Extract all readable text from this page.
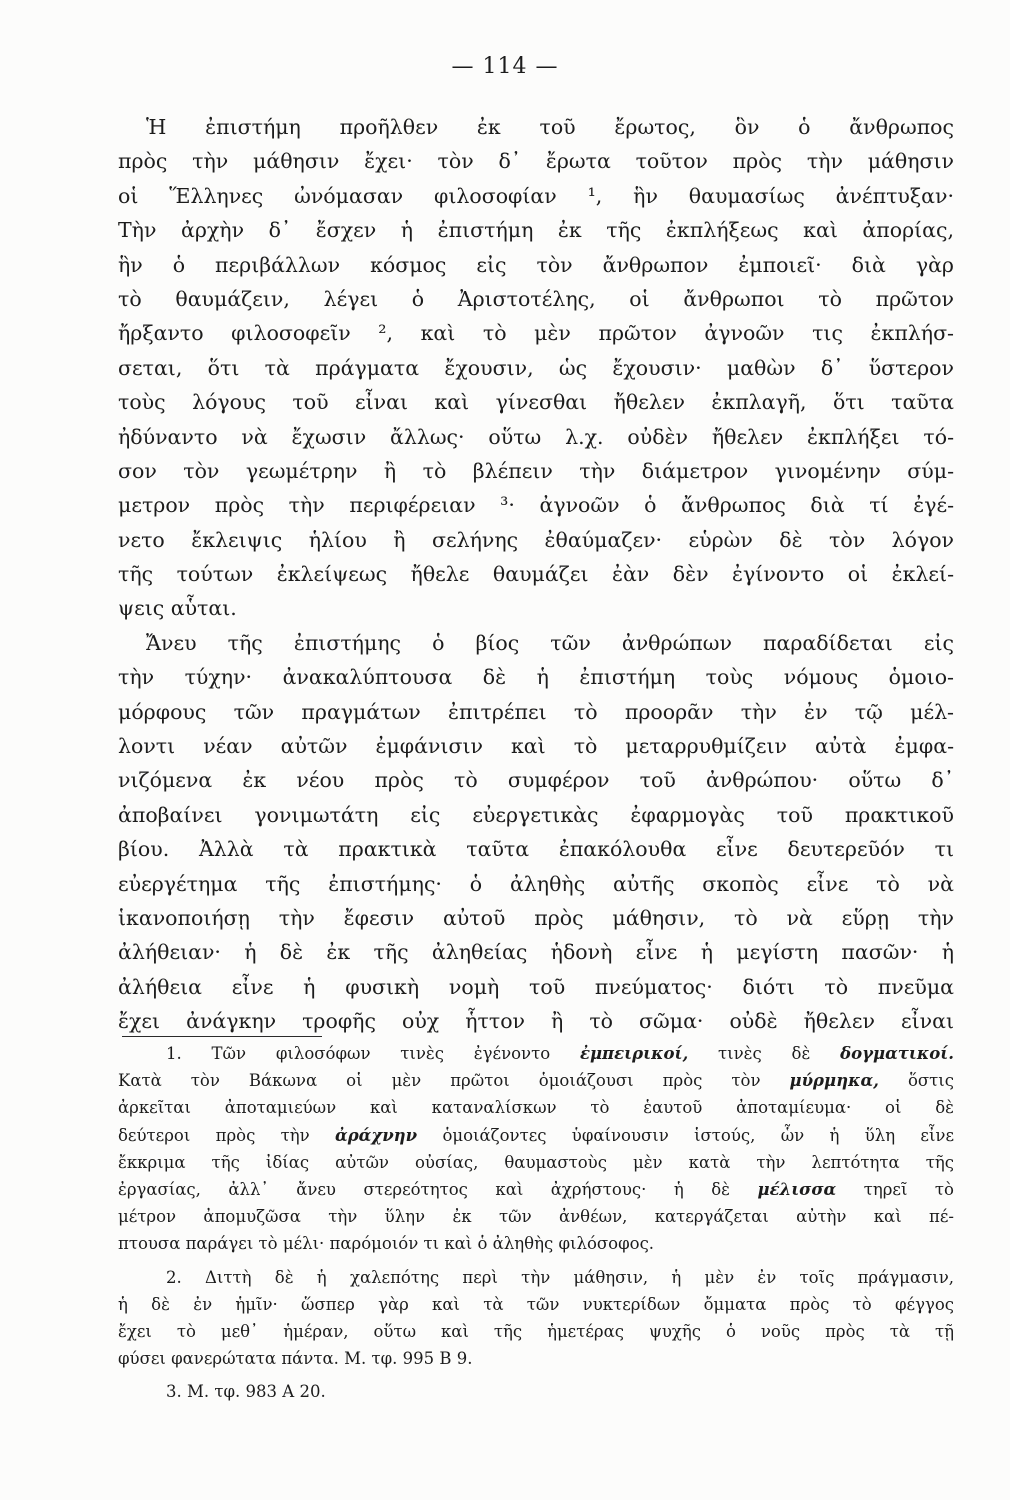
— 114 —
Ἡ ἐπιστήμη προῆλθεν ἐκ τοῦ ἔρωτος, ὃν ὁ ἄνθρωπος
πρὸς τὴν μάθησιν ἔχει· τὸν δ᾽ ἔρωτα τοῦτον πρὸς τὴν μάθησιν
οἱ Ἕλληνες ὠνόμασαν φιλοσοφίαν ¹, ἣν θαυμασίως ἀνέπτυξαν·
Τὴν ἀρχὴν δ᾽ ἔσχεν ἡ ἐπιστήμη ἐκ τῆς ἐκπλήξεως καὶ ἀπορίας,
ἣν ὁ περιβάλλων κόσμος εἰς τὸν ἄνθρωπον ἐμποιεῖ· διὰ γὰρ
τὸ θαυμάζειν, λέγει ὁ Ἀριστοτέλης, οἱ ἄνθρωποι τὸ πρῶτον
ἤρξαντο φιλοσοφεῖν ², καὶ τὸ μὲν πρῶτον ἀγνοῶν τις ἐκπλήσ-
σεται, ὅτι τὰ πράγματα ἔχουσιν, ὡς ἔχουσιν· μαθὼν δ᾽ ὕστερον
τοὺς λόγους τοῦ εἶναι καὶ γίνεσθαι ἤθελεν ἐκπλαγῆ, ὅτι ταῦτα
ἠδύναντο νὰ ἔχωσιν ἄλλως· οὕτω λ.χ. οὐδὲν ἤθελεν ἐκπλήξει τό-
σον τὸν γεωμέτρην ἢ τὸ βλέπειν τὴν διάμετρον γινομένην σύμ-
μετρον πρὸς τὴν περιφέρειαν ³· ἀγνοῶν ὁ ἄνθρωπος διὰ τί ἐγέ-
νετο ἔκλειψις ἡλίου ἢ σελήνης ἐθαύμαζεν· εὑρὼν δὲ τὸν λόγον
τῆς τούτων ἐκλείψεως ἤθελε θαυμάζει ἐὰν δὲν ἐγίνοντο οἱ ἐκλεί-
ψεις αὗται.
Ἄνευ τῆς ἐπιστήμης ὁ βίος τῶν ἀνθρώπων παραδίδεται εἰς
τὴν τύχην· ἀνακαλύπτουσα δὲ ἡ ἐπιστήμη τοὺς νόμους ὁμοιο-
μόρφους τῶν πραγμάτων ἐπιτρέπει τὸ προορᾶν τὴν ἐν τῷ μέλ-
λοντι νέαν αὐτῶν ἐμφάνισιν καὶ τὸ μεταρρυθμίζειν αὐτὰ ἐμφα-
νιζόμενα ἐκ νέου πρὸς τὸ συμφέρον τοῦ ἀνθρώπου· οὕτω δ᾽
ἀποβαίνει γονιμωτάτη εἰς εὐεργετικὰς ἐφαρμογὰς τοῦ πρακτικοῦ
βίου. Ἀλλὰ τὰ πρακτικὰ ταῦτα ἐπακόλουθα εἶνε δευτερεῦόν τι
εὐεργέτημα τῆς ἐπιστήμης· ὁ ἀληθὴς αὐτῆς σκοπὸς εἶνε τὸ νὰ
ἱκανοποιήσῃ τὴν ἔφεσιν αὐτοῦ πρὸς μάθησιν, τὸ νὰ εὕρῃ τὴν
ἀλήθειαν· ἡ δὲ ἐκ τῆς ἀληθείας ἡδονὴ εἶνε ἡ μεγίστη πασῶν· ἡ
ἀλήθεια εἶνε ἡ φυσικὴ νομὴ τοῦ πνεύματος· διότι τὸ πνεῦμα
ἔχει ἀνάγκην τροφῆς οὐχ ἧττον ἢ τὸ σῶμα· οὐδὲ ἤθελεν εἶναι
1. Τῶν φιλοσόφων τινὲς ἐγένοντο ἐμπειρικοί, τινὲς δὲ δογματικοί.
Κατὰ τὸν Βάκωνα οἱ μὲν πρῶτοι ὁμοιάζουσι πρὸς τὸν μύρμηκα, ὅστις
ἀρκεῖται ἀποταμιεύων καὶ καταναλίσκων τὸ ἑαυτοῦ ἀποταμίευμα· οἱ δὲ
δεύτεροι πρὸς τὴν ἀράχνην ὁμοιάζοντες ὑφαίνουσιν ἱστούς, ὧν ἡ ὕλη εἶνε
ἔκκριμα τῆς ἰδίας αὐτῶν οὐσίας, θαυμαστοὺς μὲν κατὰ τὴν λεπτότητα τῆς
ἐργασίας, ἀλλ᾽ ἄνευ στερεότητος καὶ ἀχρήστους· ἡ δὲ μέλισσα τηρεῖ τὸ
μέτρον ἀπομυζῶσα τὴν ὕλην ἐκ τῶν ἀνθέων, κατεργάζεται αὐτὴν καὶ πέ-
πτουσα παράγει τὸ μέλι· παρόμοιόν τι καὶ ὁ ἀληθὴς φιλόσοφος.
2. Διττὴ δὲ ἡ χαλεπότης περὶ τὴν μάθησιν, ἡ μὲν ἐν τοῖς πράγμασιν,
ἡ δὲ ἐν ἡμῖν· ὥσπερ γὰρ καὶ τὰ τῶν νυκτερίδων ὄμματα πρὸς τὸ φέγγος
ἔχει τὸ μεθ᾽ ἡμέραν, οὕτω καὶ τῆς ἡμετέρας ψυχῆς ὁ νοῦς πρὸς τὰ τῇ
φύσει φανερώτατα πάντα. Μ. τφ. 995 Β 9.
3. Μ. τφ. 983 Α 20.
